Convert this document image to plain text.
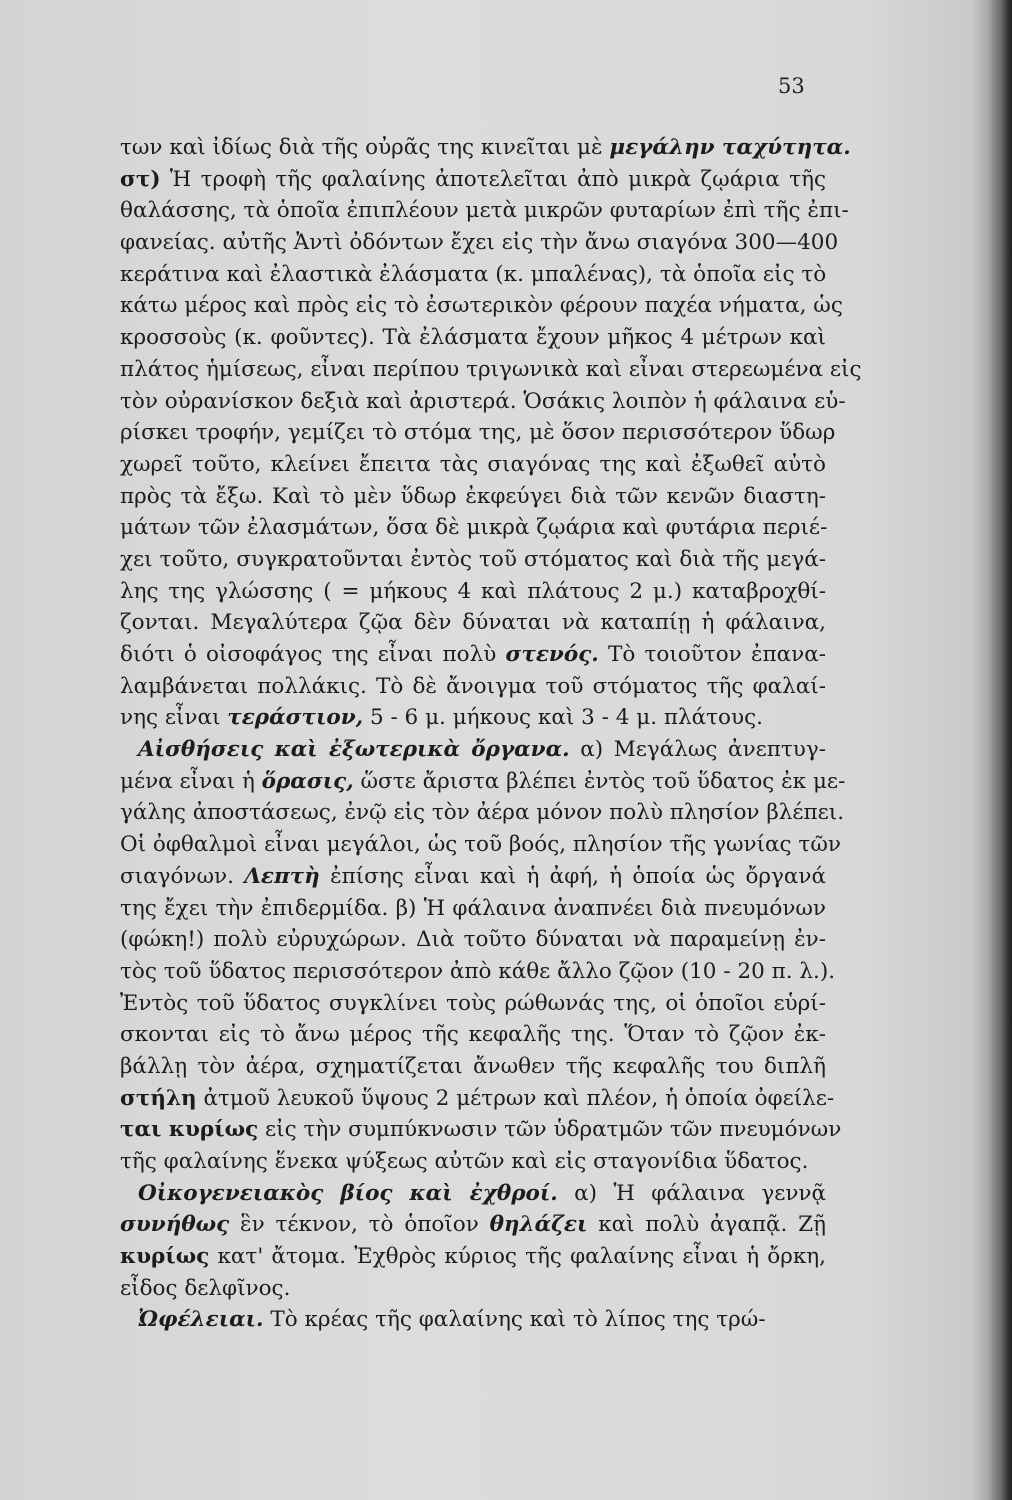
53
των καὶ ἰδίως διὰ τῆς οὐρᾶς της κινεῖται μὲ μεγάλην ταχύτητα.
στ) Ἡ τροφὴ τῆς φαλαίνης ἀποτελεῖται ἀπὸ μικρὰ ζῳάρια τῆς
θαλάσσης, τὰ ὁποῖα ἐπιπλέουν μετὰ μικρῶν φυταρίων ἐπὶ τῆς ἐπι-
φανείας. αὐτῆς Ἀντὶ ὀδόντων ἔχει εἰς τὴν ἄνω σιαγόνα 300—400
κεράτινα καὶ ἐλαστικὰ ἐλάσματα (κ. μπαλένας), τὰ ὁποῖα εἰς τὸ
κάτω μέρος καὶ πρὸς εἰς τὸ ἐσωτερικὸν φέρουν παχέα νήματα, ὡς
κροσσοὺς (κ. φοῦντες). Τὰ ἐλάσματα ἔχουν μῆκος 4 μέτρων καὶ
πλάτος ἡμίσεως, εἶναι περίπου τριγωνικὰ καὶ εἶναι στερεωμένα εἰς
τὸν οὐρανίσκον δεξιὰ καὶ ἀριστερά. Ὁσάκις λοιπὸν ἡ φάλαινα εὑ-
ρίσκει τροφήν, γεμίζει τὸ στόμα της, μὲ ὅσον περισσότερον ὕδωρ
χωρεῖ τοῦτο, κλείνει ἔπειτα τὰς σιαγόνας της καὶ ἐξωθεῖ αὐτὸ
πρὸς τὰ ἔξω. Καὶ τὸ μὲν ὕδωρ ἐκφεύγει διὰ τῶν κενῶν διαστη-
μάτων τῶν ἐλασμάτων, ὅσα δὲ μικρὰ ζῳάρια καὶ φυτάρια περιέ-
χει τοῦτο, συγκρατοῦνται ἐντὸς τοῦ στόματος καὶ διὰ τῆς μεγά-
λης της γλώσσης ( = μήκους 4 καὶ πλάτους 2 μ.) καταβροχθί-
ζονται. Μεγαλύτερα ζῷα δὲν δύναται νὰ καταπίῃ ἡ φάλαινα,
διότι ὁ οἰσοφάγος της εἶναι πολὺ στενός. Τὸ τοιοῦτον ἐπανα-
λαμβάνεται πολλάκις. Τὸ δὲ ἄνοιγμα τοῦ στόματος τῆς φαλαί-
νης εἶναι τεράστιον, 5 - 6 μ. μήκους καὶ 3 - 4 μ. πλάτους.
Αἰσθήσεις καὶ ἐξωτερικὰ ὄργανα. α) Μεγάλως ἀνεπτυγ-
μένα εἶναι ἡ ὅρασις, ὥστε ἄριστα βλέπει ἐντὸς τοῦ ὕδατος ἐκ με-
γάλης ἀποστάσεως, ἐνῷ εἰς τὸν ἀέρα μόνον πολὺ πλησίον βλέπει.
Οἱ ὀφθαλμοὶ εἶναι μεγάλοι, ὡς τοῦ βοός, πλησίον τῆς γωνίας τῶν
σιαγόνων. Λεπτὴ ἐπίσης εἶναι καὶ ἡ ἀφή, ἡ ὁποία ὡς ὄργανά
της ἔχει τὴν ἐπιδερμίδα. β) Ἡ φάλαινα ἀναπνέει διὰ πνευμόνων
(φώκη!) πολὺ εὐρυχώρων. Διὰ τοῦτο δύναται νὰ παραμείνῃ ἐν-
τὸς τοῦ ὕδατος περισσότερον ἀπὸ κάθε ἄλλο ζῷον (10 - 20 π. λ.).
Ἐντὸς τοῦ ὕδατος συγκλίνει τοὺς ρώθωνάς της, οἱ ὁποῖοι εὑρί-
σκονται εἰς τὸ ἄνω μέρος τῆς κεφαλῆς της. Ὅταν τὸ ζῷον ἐκ-
βάλλῃ τὸν ἀέρα, σχηματίζεται ἄνωθεν τῆς κεφαλῆς του διπλῆ
στήλη ἀτμοῦ λευκοῦ ὕψους 2 μέτρων καὶ πλέον, ἡ ὁποία ὀφείλε-
ται κυρίως εἰς τὴν συμπύκνωσιν τῶν ὑδρατμῶν τῶν πνευμόνων
τῆς φαλαίνης ἕνεκα ψύξεως αὐτῶν καὶ εἰς σταγονίδια ὕδατος.
Οἰκογενειακὸς βίος καὶ ἐχθροί. α) Ἡ φάλαινα γεννᾷ
συνήθως ἓν τέκνον, τὸ ὁποῖον θηλάζει καὶ πολὺ ἀγαπᾷ. Ζῇ
κυρίως κατ' ἄτομα. Ἐχθρὸς κύριος τῆς φαλαίνης εἶναι ἡ ὄρκη,
εἶδος δελφῖνος.
Ὠφέλειαι. Τὸ κρέας τῆς φαλαίνης καὶ τὸ λίπος της τρώ-
